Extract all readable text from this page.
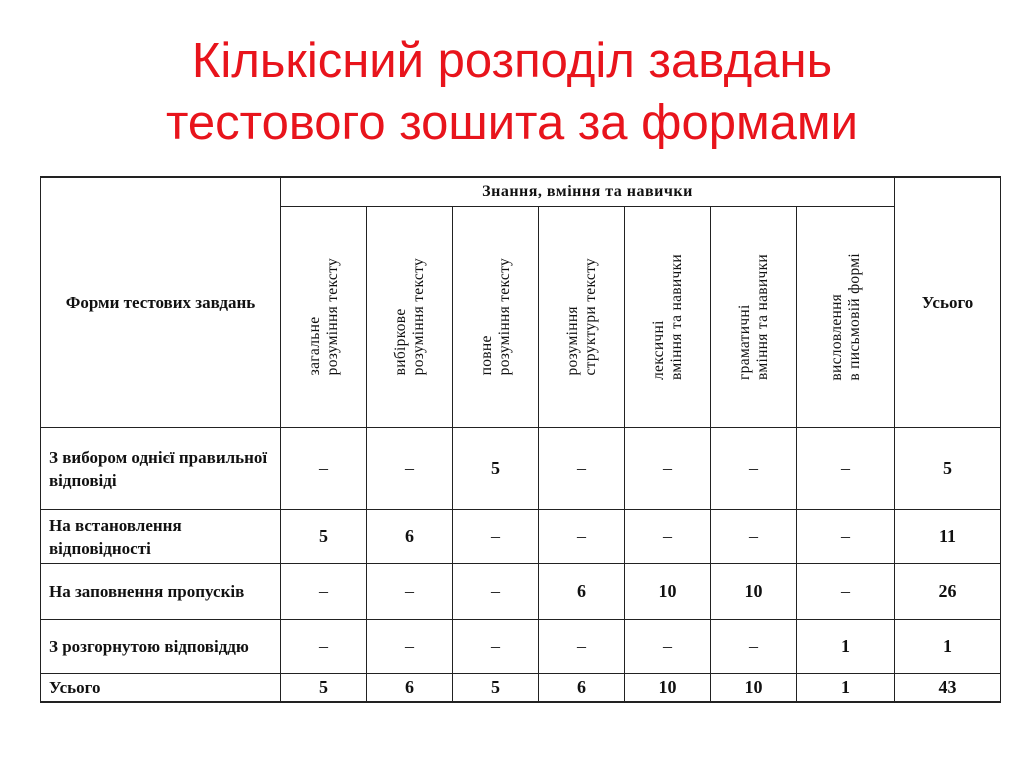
Кількісний розподіл завдань
тестового зошита за формами
Форми тестових завдань	Знання, вміння та навички							Усього

	загальне розуміння тексту	вибіркове розуміння тексту	повне розуміння тексту	розуміння структури тексту	лексичні вміння та навички	граматичні вміння та навички	висловлення в письмовій формі	

З вибором однієї правильної відповіді	–	–	5	–	–	–	–	5
На встановлення відповідності	5	6	–	–	–	–	–	11
На заповнення пропусків	–	–	–	6	10	10	–	26
З розгорнутою відповіддю	–	–	–	–	–	–	1	1
Усього	5	6	5	6	10	10	1	43
